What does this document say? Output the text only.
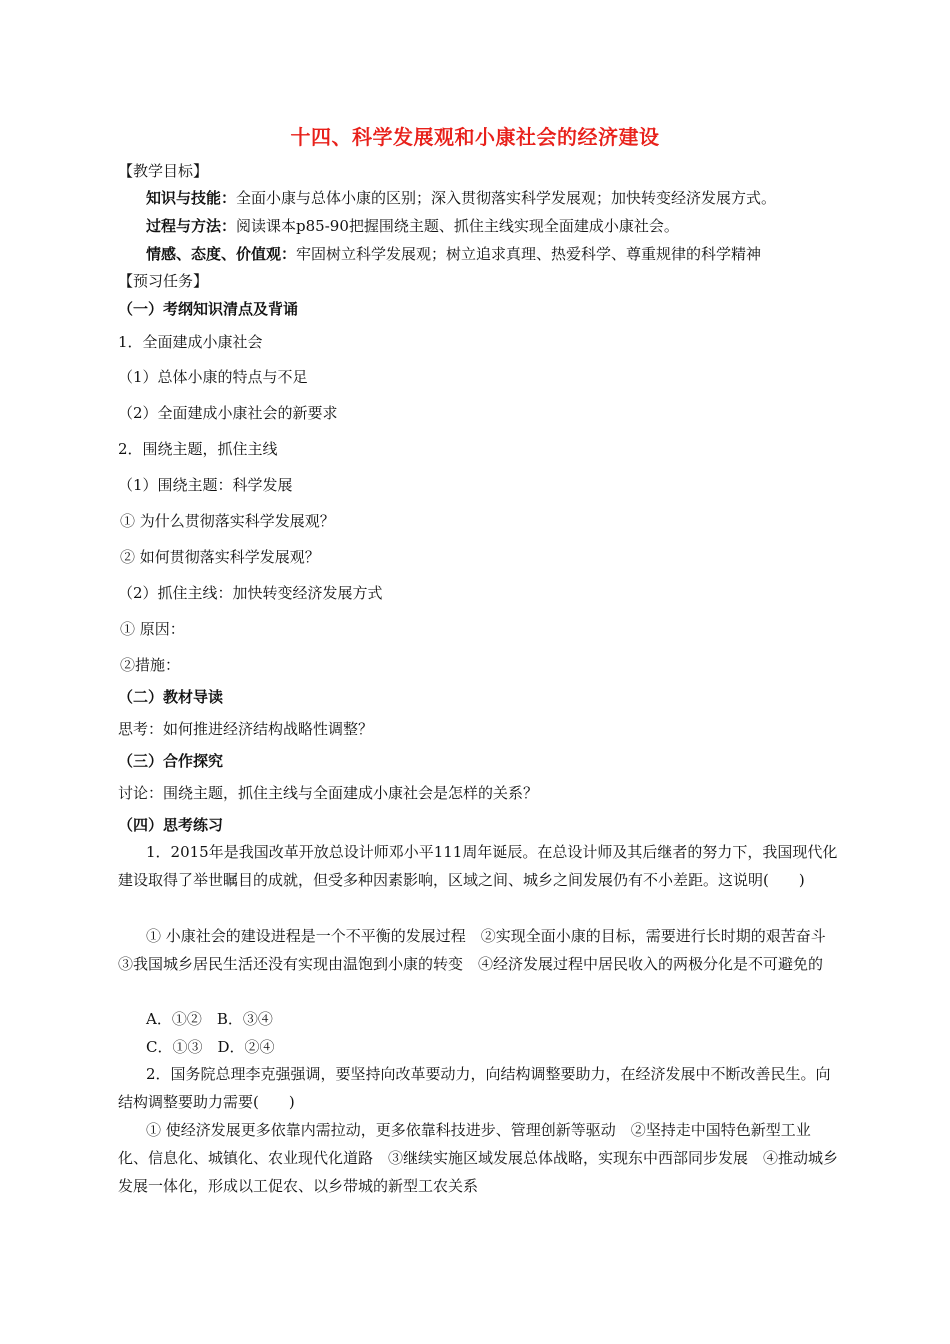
十四、科学发展观和小康社会的经济建设
【教学目标】
知识与技能：全面小康与总体小康的区别；深入贯彻落实科学发展观；加快转变经济发展方式。
过程与方法：阅读课本p85-90把握围绕主题、抓住主线实现全面建成小康社会。
情感、态度、价值观：牢固树立科学发展观；树立追求真理、热爱科学、尊重规律的科学精神
【预习任务】
（一）考纲知识清点及背诵
1．全面建成小康社会
（1）总体小康的特点与不足
（2）全面建成小康社会的新要求
2．围绕主题，抓住主线
（1）围绕主题：科学发展
① 为什么贯彻落实科学发展观？
② 如何贯彻落实科学发展观？
（2）抓住主线：加快转变经济发展方式
① 原因：
②措施：
（二）教材导读
思考：如何推进经济结构战略性调整？
（三）合作探究
讨论：围绕主题，抓住主线与全面建成小康社会是怎样的关系？
（四）思考练习
1．2015年是我国改革开放总设计师邓小平111周年诞辰。在总设计师及其后继者的努力下，我国现代化建设取得了举世瞩目的成就，但受多种因素影响，区域之间、城乡之间发展仍有不小差距。这说明(　　)
① 小康社会的建设进程是一个不平衡的发展过程　②实现全面小康的目标，需要进行长时期的艰苦奋斗　③我国城乡居民生活还没有实现由温饱到小康的转变　④经济发展过程中居民收入的两极分化是不可避免的
A．①②　B．③④
C．①③　D．②④
2．国务院总理李克强强调，要坚持向改革要动力，向结构调整要助力，在经济发展中不断改善民生。向结构调整要助力需要(　　)
① 使经济发展更多依靠内需拉动，更多依靠科技进步、管理创新等驱动　②坚持走中国特色新型工业化、信息化、城镇化、农业现代化道路　③继续实施区域发展总体战略，实现东中西部同步发展　④推动城乡发展一体化，形成以工促农、以乡带城的新型工农关系
